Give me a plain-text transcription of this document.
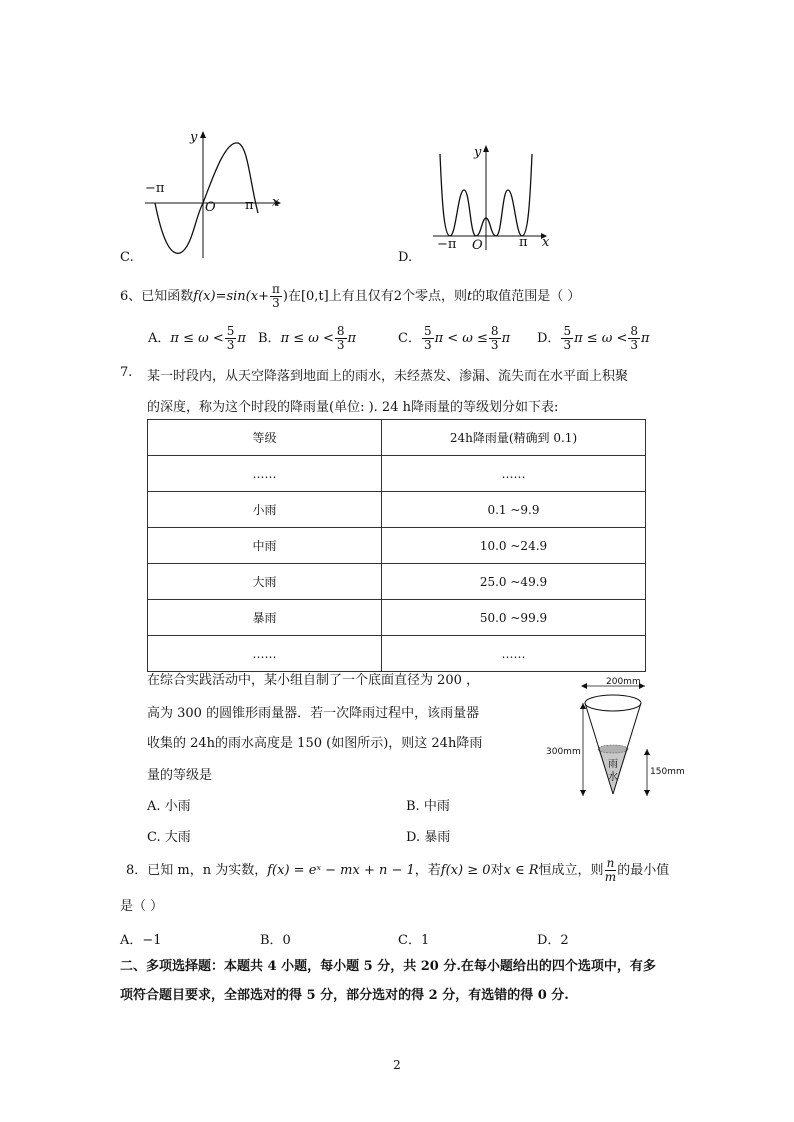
y
x
−π
O π
C.
y
x
−π O	π
D.
6、已知函数$f(x)=\sin(x+ \frac{\pi}{3}$ )在[0,t]上有且仅有2个零点，则t的取值范围是（ ）
A．$\pi \le \omega < \frac{5}{3}$ π B．$\pi \le \omega < \frac{8}{3}$ π	C． $\frac{5}{3}$ $\pi < \omega \le \frac{8}{3}$ π D． $\frac{5}{3}$ $\pi \le \omega < \frac{8}{3}$ π
7. 某一时段内，从天空降落到地面上的雨水，未经蒸发、渗漏、流失而在水平面上积聚
的深度，称为这个时段的降雨量(单位: ). 24 h降雨量的等级划分如下表:
等级	24h降雨量(精确到 0.1)
……	……
小雨	0.1 ~9.9
中雨	10.0 ~24.9
大雨	25.0 ~49.9
暴雨	50.0 ~99.9
……	……
在综合实践活动中，某小组自制了一个底面直径为 200 ，
高为 300 的圆锥形雨量器．若一次降雨过程中，该雨量器
收集的 24h的雨水高度是 150 (如图所示)，则这 24h降雨
量的等级是
200mm
300mm
150mm
雨
水
A. 小雨	B. 中雨
C. 大雨	D. 暴雨
8．已知 m，n 为实数，f(x) = eˣ − mx + n − 1，若f(x) ≥ 0对x ∈ R恒成立，则 $\frac{n}{m}$ 的最小值
是（ ）
A．−1	B．0	C．1	D．2
二、多项选择题：本题共 4 小题，每小题 5 分，共 20 分.在每小题给出的四个选项中，有多
项符合题目要求，全部选对的得 5 分，部分选对的得 2 分，有选错的得 0 分.
2
